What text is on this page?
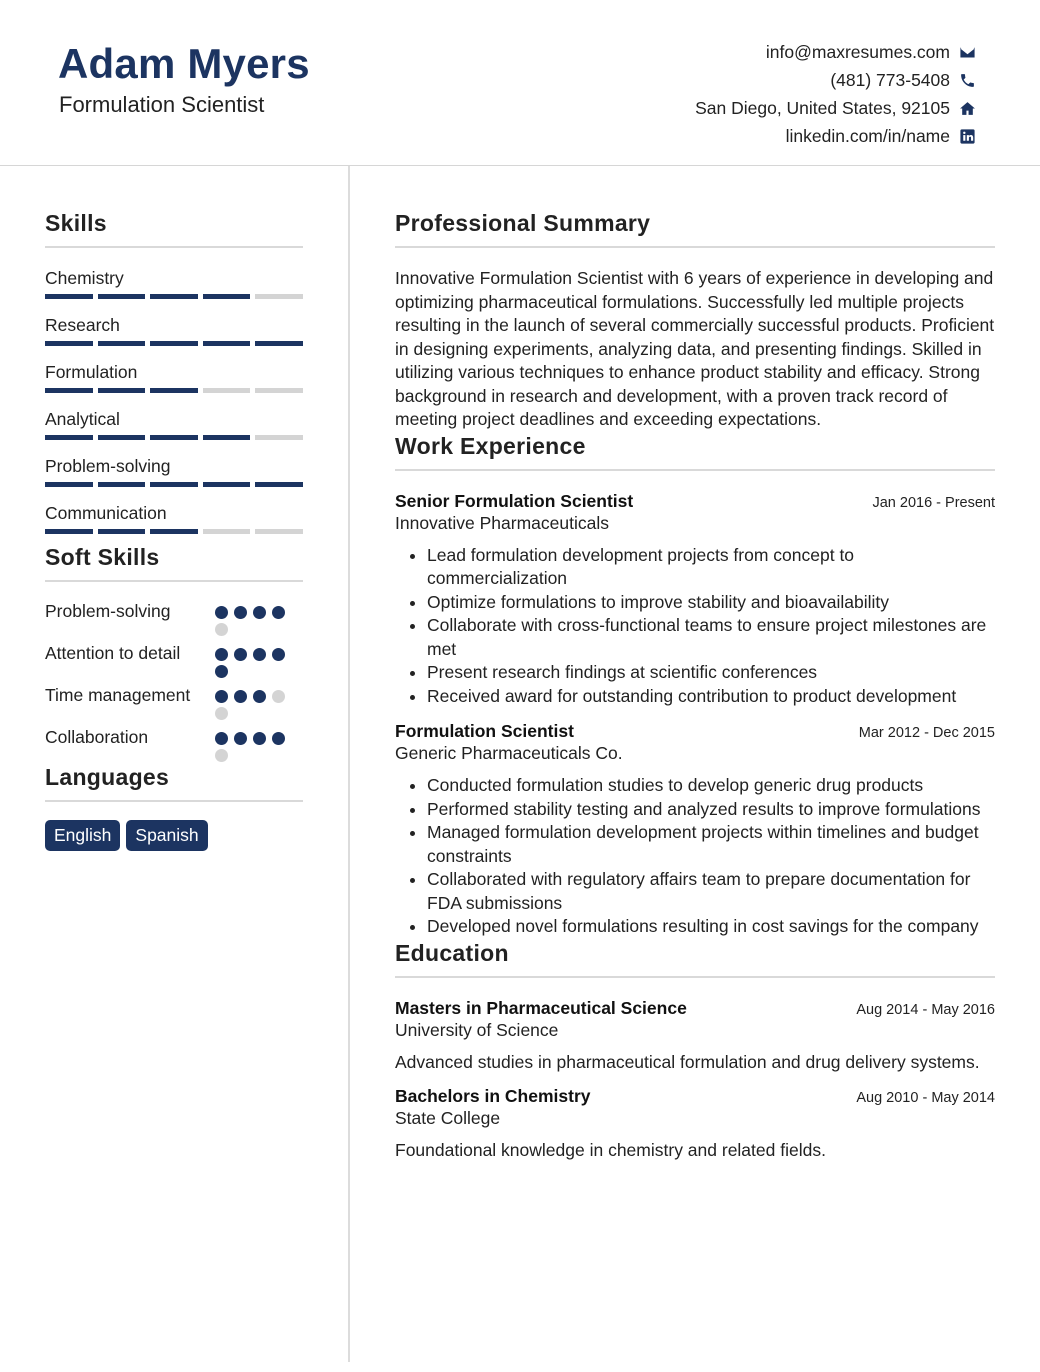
Adam Myers
Formulation Scientist
info@maxresumes.com
(481) 773-5408
San Diego, United States, 92105
linkedin.com/in/name
Skills
Chemistry
Research
Formulation
Analytical
Problem-solving
Communication
Soft Skills
Problem-solving
Attention to detail
Time management
Collaboration
Languages
English	Spanish
Professional Summary

Innovative Formulation Scientist with 6 years of experience in developing and optimizing pharmaceutical formulations. Successfully led multiple projects resulting in the launch of several commercially successful products. Proficient in designing experiments, analyzing data, and presenting findings. Skilled in utilizing various techniques to enhance product stability and efficacy. Strong background in research and development, with a proven track record of meeting project deadlines and exceeding expectations.

Work Experience
Senior Formulation Scientist	Jan 2016 - Present
Innovative Pharmaceuticals
• Lead formulation development projects from concept to commercialization
• Optimize formulations to improve stability and bioavailability
• Collaborate with cross-functional teams to ensure project milestones are met
• Present research findings at scientific conferences
• Received award for outstanding contribution to product development
Formulation Scientist	Mar 2012 - Dec 2015
Generic Pharmaceuticals Co.
• Conducted formulation studies to develop generic drug products
• Performed stability testing and analyzed results to improve formulations
• Managed formulation development projects within timelines and budget constraints
• Collaborated with regulatory affairs team to prepare documentation for FDA submissions
• Developed novel formulations resulting in cost savings for the company
Education
Masters in Pharmaceutical Science	Aug 2014 - May 2016
University of Science

Advanced studies in pharmaceutical formulation and drug delivery systems.

Bachelors in Chemistry	Aug 2010 - May 2014
State College

Foundational knowledge in chemistry and related fields.
